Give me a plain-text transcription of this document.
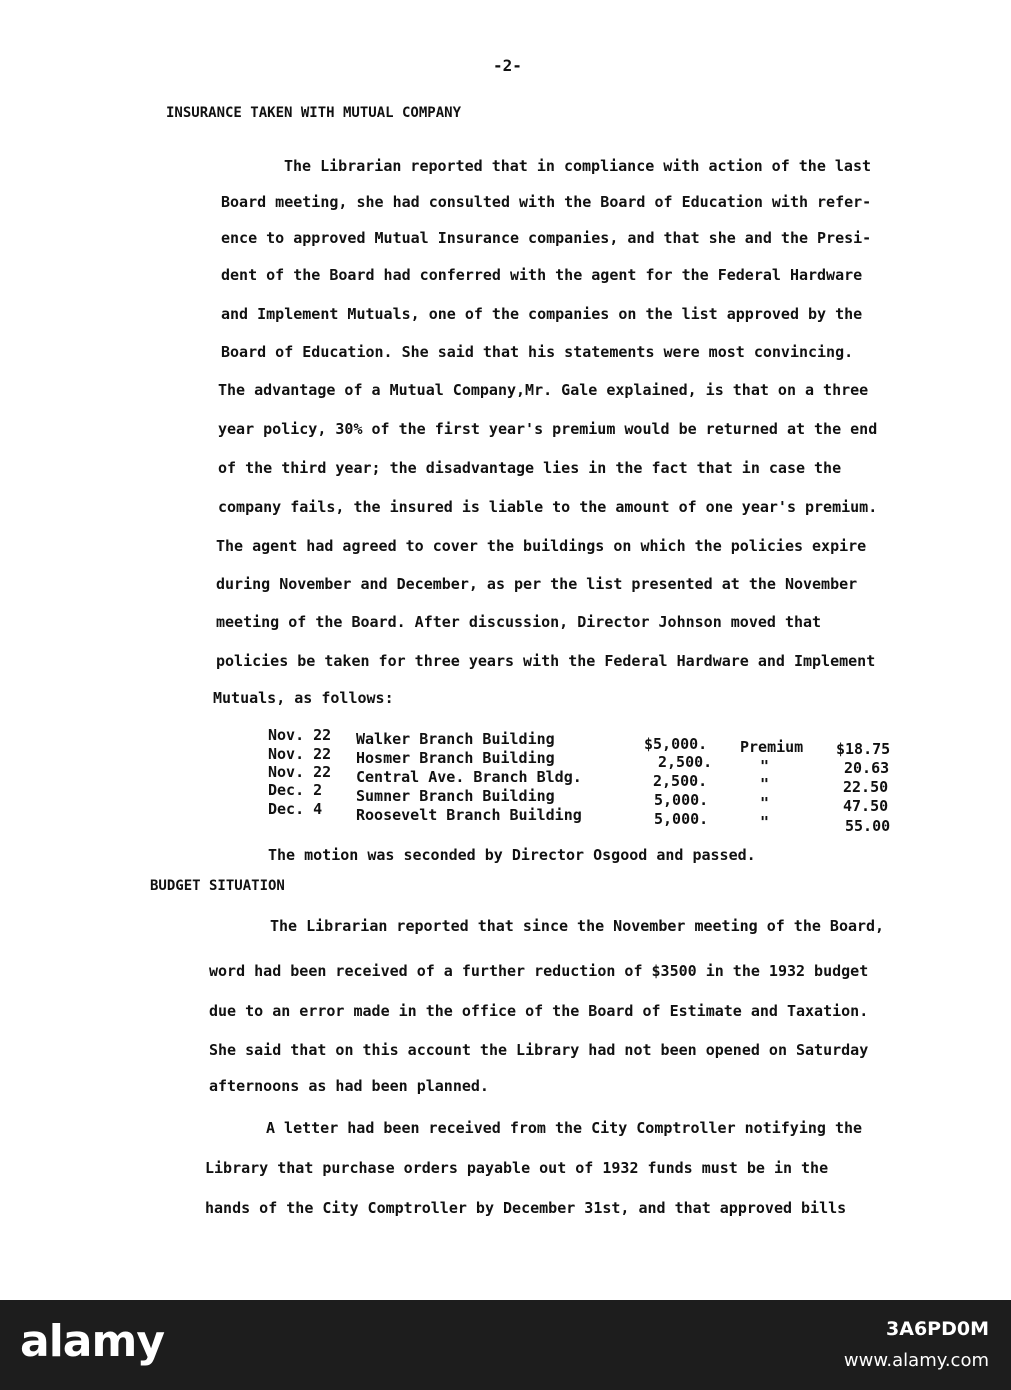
-2-
INSURANCE TAKEN WITH MUTUAL COMPANY
The Librarian reported that in compliance with action of the last
Board meeting, she had consulted with the Board of Education with refer-
ence to approved Mutual Insurance companies, and that she and the Presi-
dent of the Board had conferred with the agent for the Federal Hardware
and Implement Mutuals, one of the companies on the list approved by the
Board of Education. She said that his statements were most convincing.
The advantage of a Mutual Company,Mr. Gale explained, is that on a three
year policy, 30% of the first year's premium would be returned at the end
of the third year; the disadvantage lies in the fact that in case the
company fails, the insured is liable to the amount of one year's premium.
The agent had agreed to cover the buildings on which the policies expire
during November and December, as per the list presented at the November
meeting of the Board. After discussion, Director Johnson moved that
policies be taken for three years with the Federal Hardware and Implement
Mutuals, as follows:
Nov. 22 Walker Branch Building	$5,000. Premium $18.75
Nov. 22 Hosmer Branch Building	2,500.	"	20.63
Nov. 22 Central Ave. Branch Bldg.	2,500.	"	22.50
Dec. 2 Sumner Branch Building	5,000.	"	47.50
Dec. 4 Roosevelt Branch Building	5,000.	"	55.00
The motion was seconded by Director Osgood and passed.
BUDGET SITUATION
The Librarian reported that since the November meeting of the Board,
word had been received of a further reduction of $3500 in the 1932 budget
due to an error made in the office of the Board of Estimate and Taxation.
She said that on this account the Library had not been opened on Saturday
afternoons as had been planned.
A letter had been received from the City Comptroller notifying the
Library that purchase orders payable out of 1932 funds must be in the
hands of the City Comptroller by December 31st, and that approved bills
alamy	3A6PD0M
www.alamy.com
